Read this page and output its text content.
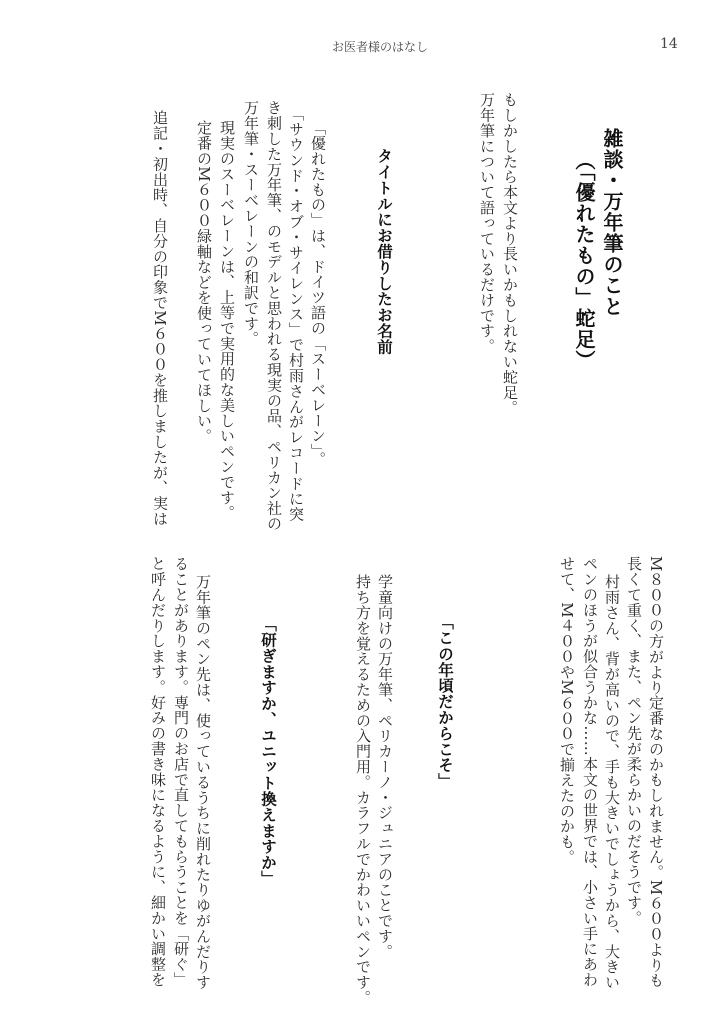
お医者様のはなし	14
雑談・万年筆のこと
（「優れたもの」蛇足）
もしかしたら本文より長いかもしれない蛇足。
万年筆について語っているだけです。
タイトルにお借りしたお名前
「優れたもの」は、ドイツ語の「スーベレーン」。
「サウンド・オブ・サイレンス」で村雨さんがレコードに突
き刺した万年筆、のモデルと思われる現実の品、ペリカン社の
万年筆・スーベレーンの和訳です。
現実のスーベレーンは、上等で実用的な美しいペンです。
定番のM６００緑軸などを使っていてほしい。
追記・初出時、自分の印象でM６００を推しましたが、実は
M８００の方がより定番なのかもしれません。M６００よりも
長くて重く、また、ペン先が柔らかいのだそうです。
村雨さん、背が高いので、手も大きいでしょうから、大きい
ペンのほうが似合うかな……本文の世界では、小さい手にあわ
せて、M４００やM６００で揃えたのかも。
「この年頃だからこそ」
学童向けの万年筆、ペリカーノ・ジュニアのことです。
持ち方を覚えるための入門用。カラフルでかわいいペンです。
「研ぎますか、ユニット換えますか」
万年筆のペン先は、使っているうちに削れたりゆがんだりす
ることがあります。専門のお店で直してもらうことを「研ぐ」
と呼んだりします。好みの書き味になるように、細かい調整を
